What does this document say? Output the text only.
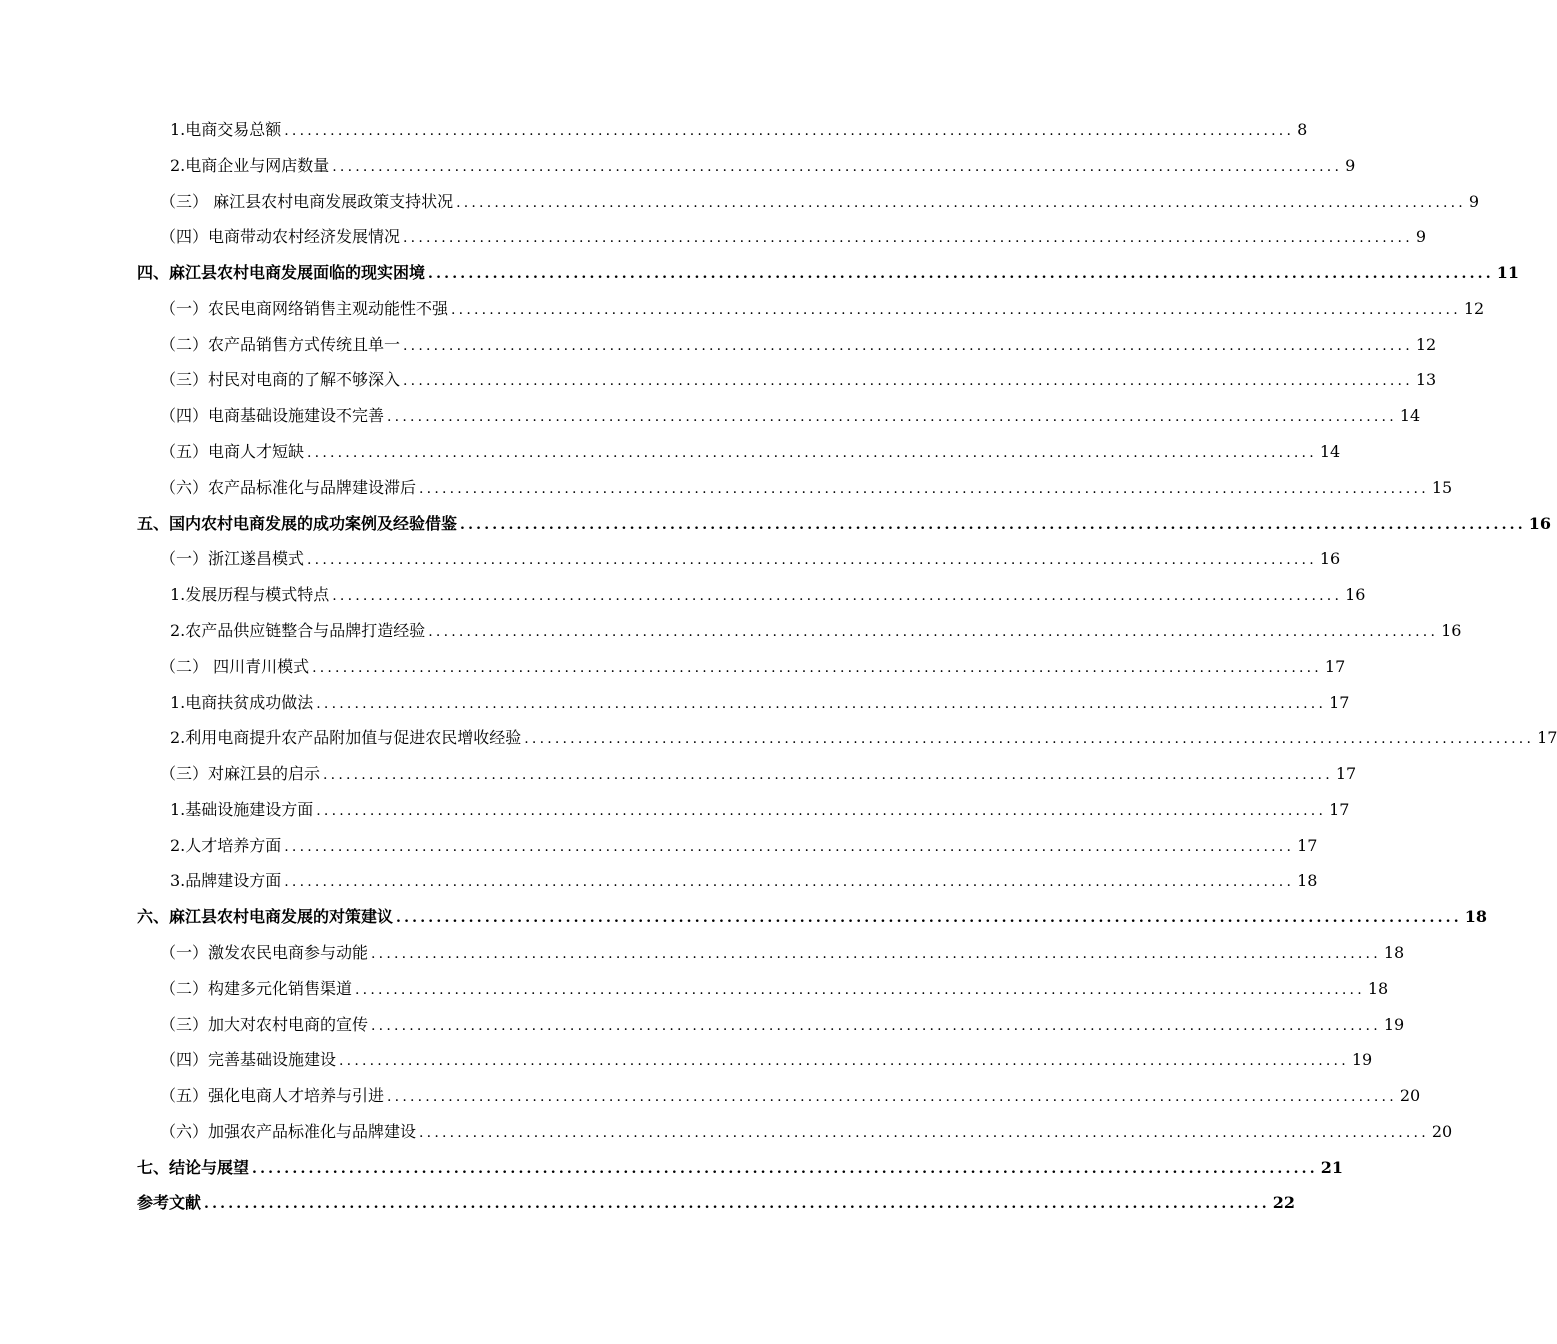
1.电商交易总额 .................................................................................................................................... 8
2.电商企业与网店数量 .................................................................................................................................... 9
（三） 麻江县农村电商发展政策支持状况 .................................................................................................................................... 9
（四）电商带动农村经济发展情况 .................................................................................................................................... 9
四、麻江县农村电商发展面临的现实困境 .................................................................................................................................... 11
（一）农民电商网络销售主观动能性不强 .................................................................................................................................... 12
（二）农产品销售方式传统且单一 .................................................................................................................................... 12
（三）村民对电商的了解不够深入 .................................................................................................................................... 13
（四）电商基础设施建设不完善 .................................................................................................................................... 14
（五）电商人才短缺 .................................................................................................................................... 14
（六）农产品标准化与品牌建设滞后 .................................................................................................................................... 15
五、国内农村电商发展的成功案例及经验借鉴 .................................................................................................................................... 16
（一）浙江遂昌模式 .................................................................................................................................... 16
1.发展历程与模式特点 .................................................................................................................................... 16
2.农产品供应链整合与品牌打造经验 .................................................................................................................................... 16
（二） 四川青川模式 .................................................................................................................................... 17
1.电商扶贫成功做法 .................................................................................................................................... 17
2.利用电商提升农产品附加值与促进农民增收经验 .................................................................................................................................... 17
（三）对麻江县的启示 .................................................................................................................................... 17
1.基础设施建设方面 .................................................................................................................................... 17
2.人才培养方面 .................................................................................................................................... 17
3.品牌建设方面 .................................................................................................................................... 18
六、麻江县农村电商发展的对策建议 .................................................................................................................................... 18
（一）激发农民电商参与动能 .................................................................................................................................... 18
（二）构建多元化销售渠道 .................................................................................................................................... 18
（三）加大对农村电商的宣传 .................................................................................................................................... 19
（四）完善基础设施建设 .................................................................................................................................... 19
（五）强化电商人才培养与引进 .................................................................................................................................... 20
（六）加强农产品标准化与品牌建设 .................................................................................................................................... 20
七、结论与展望 .................................................................................................................................... 21
参考文献 .................................................................................................................................... 22
